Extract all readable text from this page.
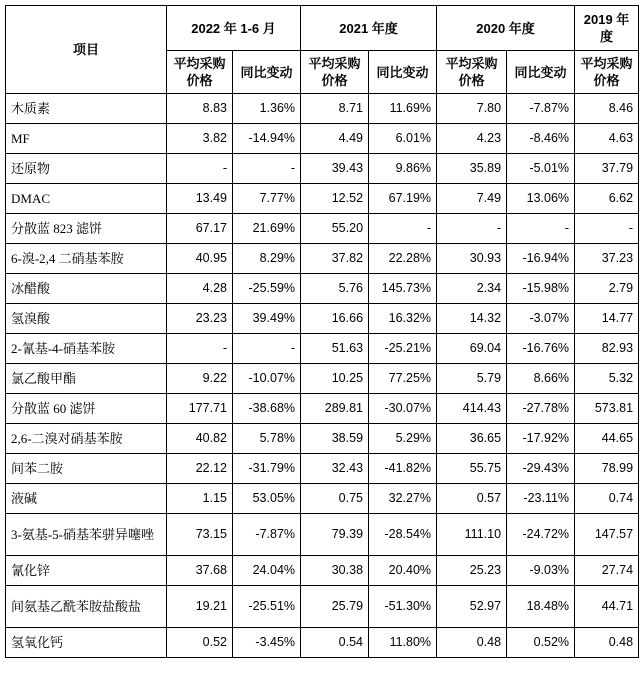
项目	2022 年 1-6 月		2021 年度		2020 年度		2019 年度
	平均采购价格	同比变动	平均采购价格	同比变动	平均采购价格	同比变动	平均采购价格
木质素	8.83	1.36%	8.71	11.69%	7.80	-7.87%	8.46
MF	3.82	-14.94%	4.49	6.01%	4.23	-8.46%	4.63
还原物	-	-	39.43	9.86%	35.89	-5.01%	37.79
DMAC	13.49	7.77%	12.52	67.19%	7.49	13.06%	6.62
分散蓝 823 滤饼	67.17	21.69%	55.20	-	-	-	-
6-溴-2,4 二硝基苯胺	40.95	8.29%	37.82	22.28%	30.93	-16.94%	37.23
冰醋酸	4.28	-25.59%	5.76	145.73%	2.34	-15.98%	2.79
氢溴酸	23.23	39.49%	16.66	16.32%	14.32	-3.07%	14.77
2-氰基-4-硝基苯胺	-	-	51.63	-25.21%	69.04	-16.76%	82.93
氯乙酸甲酯	9.22	-10.07%	10.25	77.25%	5.79	8.66%	5.32
分散蓝 60 滤饼	177.71	-38.68%	289.81	-30.07%	414.43	-27.78%	573.81
2,6-二溴对硝基苯胺	40.82	5.78%	38.59	5.29%	36.65	-17.92%	44.65
间苯二胺	22.12	-31.79%	32.43	-41.82%	55.75	-29.43%	78.99
液碱	1.15	53.05%	0.75	32.27%	0.57	-23.11%	0.74
3-氨基-5-硝基苯骈异噻唑	73.15	-7.87%	79.39	-28.54%	111.10	-24.72%	147.57
氰化锌	37.68	24.04%	30.38	20.40%	25.23	-9.03%	27.74
间氨基乙酰苯胺盐酸盐	19.21	-25.51%	25.79	-51.30%	52.97	18.48%	44.71
氢氧化钙	0.52	-3.45%	0.54	11.80%	0.48	0.52%	0.48
